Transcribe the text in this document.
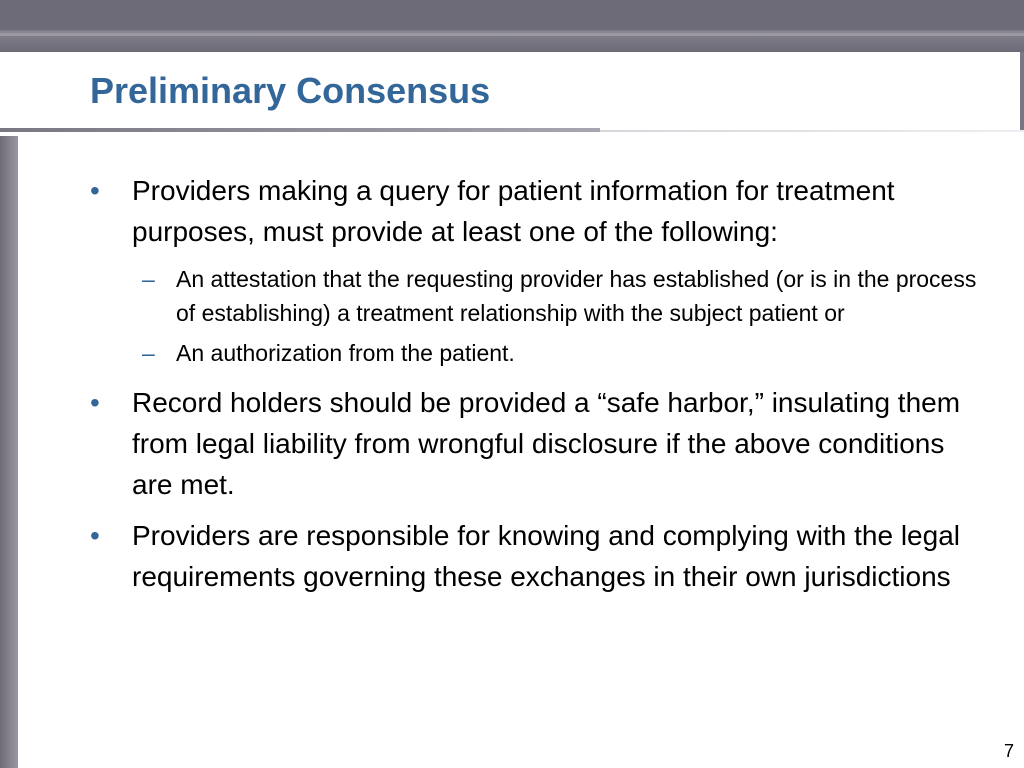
Preliminary Consensus
•	Providers making a query for patient information for treatment purposes, must provide at least one of the following:
– An attestation that the requesting provider has established (or is in the process of establishing) a treatment relationship with the subject patient or
– An authorization from the patient.
•	Record holders should be provided a “safe harbor,” insulating them from legal liability from wrongful disclosure if the above conditions are met.
•	Providers are responsible for knowing and complying with the legal requirements governing these exchanges in their own jurisdictions
7
